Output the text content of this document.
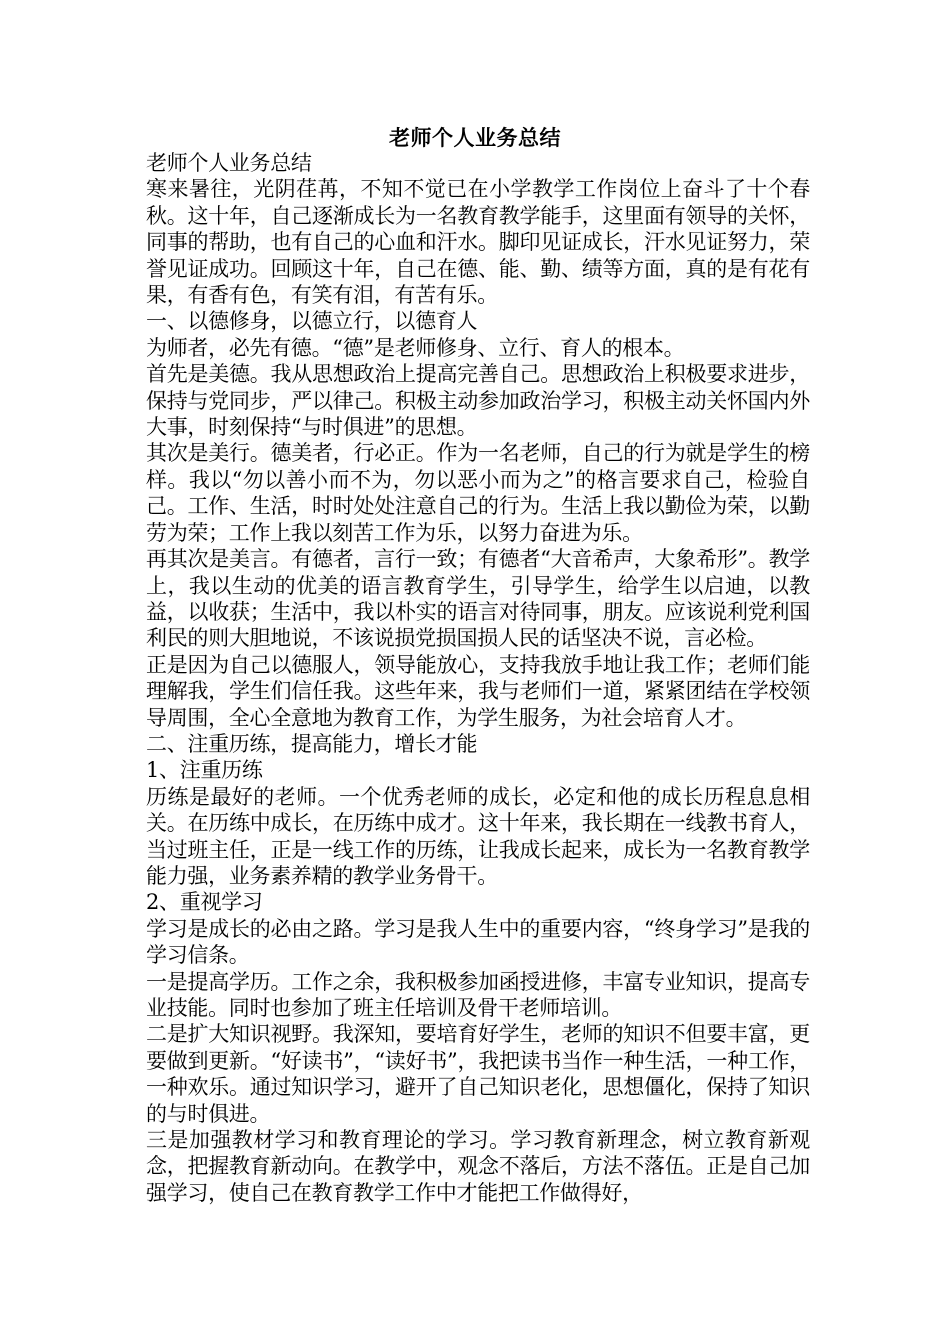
老师个人业务总结

老师个人业务总结

寒来暑往，光阴荏苒，不知不觉已在小学教学工作岗位上奋斗了十个春秋。这十年，自己逐渐成长为一名教育教学能手，这里面有领导的关怀，同事的帮助，也有自己的心血和汗水。脚印见证成长，汗水见证努力，荣誉见证成功。回顾这十年，自己在德、能、勤、绩等方面，真的是有花有果，有香有色，有笑有泪，有苦有乐。

一、以德修身，以德立行，以德育人

为师者，必先有德。“德”是老师修身、立行、育人的根本。

首先是美德。我从思想政治上提高完善自己。思想政治上积极要求进步，保持与党同步，严以律己。积极主动参加政治学习，积极主动关怀国内外大事，时刻保持“与时俱进”的思想。

其次是美行。德美者，行必正。作为一名老师，自己的行为就是学生的榜样。我以“勿以善小而不为，勿以恶小而为之”的格言要求自己，检验自己。工作、生活，时时处处注意自己的行为。生活上我以勤俭为荣，以勤劳为荣；工作上我以刻苦工作为乐，以努力奋进为乐。

再其次是美言。有德者，言行一致；有德者“大音希声，大象希形”。教学上，我以生动的优美的语言教育学生，引导学生，给学生以启迪，以教益，以收获；生活中，我以朴实的语言对待同事，朋友。应该说利党利国利民的则大胆地说，不该说损党损国损人民的话坚决不说，言必检。

正是因为自己以德服人，领导能放心，支持我放手地让我工作；老师们能理解我，学生们信任我。这些年来，我与老师们一道，紧紧团结在学校领导周围，全心全意地为教育工作，为学生服务，为社会培育人才。

二、注重历练，提高能力，增长才能

1、注重历练

历练是最好的老师。一个优秀老师的成长，必定和他的成长历程息息相关。在历练中成长，在历练中成才。这十年来，我长期在一线教书育人，当过班主任，正是一线工作的历练，让我成长起来，成长为一名教育教学能力强，业务素养精的教学业务骨干。

2、重视学习

学习是成长的必由之路。学习是我人生中的重要内容，“终身学习”是我的学习信条。

一是提高学历。工作之余，我积极参加函授进修，丰富专业知识，提高专业技能。同时也参加了班主任培训及骨干老师培训。

二是扩大知识视野。我深知，要培育好学生，老师的知识不但要丰富，更要做到更新。“好读书”，“读好书”，我把读书当作一种生活，一种工作，一种欢乐。通过知识学习，避开了自己知识老化，思想僵化，保持了知识的与时俱进。

三是加强教材学习和教育理论的学习。学习教育新理念，树立教育新观念，把握教育新动向。在教学中，观念不落后，方法不落伍。正是自己加强学习，使自己在教育教学工作中才能把工作做得好，
